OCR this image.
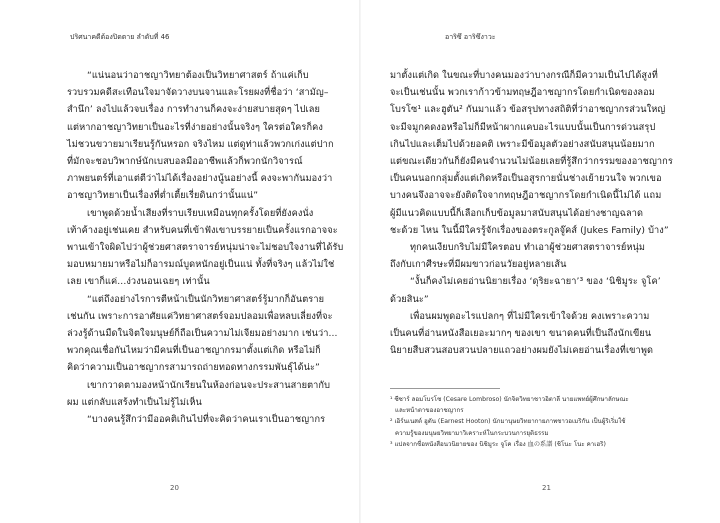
ปริศนาคดีต้องปิดตาย ลำดับที่ 46
“แน่นอนว่าอาชญาวิทยาต้องเป็นวิทยาศาสตร์ ถ้าแค่เก็บ
รวบรวมคดีสะเทือนใจมาจัดวางบนจานและโรยผงที่ชื่อว่า ‘สามัญ–
สำนึก’ ลงไปแล้วจบเรื่อง การทำงานก็คงจะง่ายสบายสุดๆ ไปเลย
แต่หากอาชญาวิทยาเป็นอะไรที่ง่ายอย่างนั้นจริงๆ ใครต่อใครก็คง
ไม่ชวนขวายมาเรียนรู้กันหรอก จริงไหม แต่ดูท่าแล้วพวกเก่งแต่ปาก
ที่มักจะชอบวิพากษ์นักเบสบอลมืออาชีพแล้วก็พวกนักวิจารณ์
ภาพยนตร์ที่เอาแต่ตีว่าไม่ได้เรื่องอย่างนู้นอย่างนี้ คงจะพากันมองว่า
อาชญาวิทยาเป็นเรื่องที่ต่ำเตี้ยเรี่ยดินกว่านั้นแน่”
เขาพูดด้วยน้ำเสียงที่ราบเรียบเหมือนทุกครั้งโดยที่ยังคงนั่ง
เท้าค้างอยู่เช่นเคย สำหรับคนที่เข้าฟังเขาบรรยายเป็นครั้งแรกอาจจะ
พานเข้าใจผิดไปว่าผู้ช่วยศาสตราจารย์หนุ่มน่าจะไม่ชอบใจงานที่ได้รับ
มอบหมายมาหรือไม่ก็อารมณ์บูดหนักอยู่เป็นแน่ ทั้งที่จริงๆ แล้วไม่ใช่
เลย เขาก็แค่...ง่วงนอนเฉยๆ เท่านั้น
“แต่ถึงอย่างไรการตีหน้าเป็นนักวิทยาศาสตร์รู้มากก็อันตราย
เช่นกัน เพราะการอาศัยแค่วิทยาศาสตร์จอมปลอมเพื่อหลบเลี่ยงที่จะ
ล่วงรู้ด้านมืดในจิตใจมนุษย์ก็ถือเป็นความไม่เจียมอย่างมาก เช่นว่า...
พวกคุณเชื่อกันไหมว่ามีคนที่เป็นอาชญากรมาตั้งแต่เกิด หรือไม่ก็
คิดว่าความเป็นอาชญากรสามารถถ่ายทอดทางกรรมพันธุ์ได้น่ะ”
เขากวาดตามองหน้านักเรียนในห้องก่อนจะประสานสายตากับ
ผม แต่กลับแสร้งทำเป็นไม่รู้ไม่เห็น
“บางคนรู้สึกว่ามีออคติเกินไปที่จะคิดว่าคนเราเป็นอาชญากร
20
อาริซึ อาริซึงาวะ
มาตั้งแต่เกิด ในขณะที่บางคนมองว่าบางกรณีก็มีความเป็นไปได้สูงที่
จะเป็นเช่นนั้น พวกเราก้าวข้ามทฤษฎีอาชญากรโดยกำเนิดของลอม
โบรโซ¹ และฮูตัน² กันมาแล้ว ข้อสรุปทางสถิติที่ว่าอาชญากรส่วนใหญ่
จะมีจมูกคดงอหรือไม่ก็มีหน้าผากแคบอะไรแบบนั้นเป็นการด่วนสรุป
เกินไปและเต็มไปด้วยอคติ เพราะมีข้อมูลตัวอย่างสนับสนุนน้อยมาก
แต่ขณะเดียวกันก็ยังมีคนจำนวนไม่น้อยเลยที่รู้สึกว่ากรรมของอาชญากร
เป็นคนนอกกลุ่มตั้งแต่เกิดหรือเป็นอสูรกายนั่นช่างเย้ายวนใจ พวกเขอ
บางคนจึงอาจจะยังติดใจจากทฤษฎีอาชญากรโดยกำเนิดนี้ไม่ได้ แถม
ผู้มีแนวคิดแบบนี้ก็เลือกเก็บข้อมูลมาสนับสนุนได้อย่างชาญฉลาด
ชะด้วย ไหน ในนี้มีใครรู้จักเรื่องของตระกูลจู๊คส์ (Jukes Family) บ้าง”
ทุกคนเงียบกริบไม่มีใครตอบ ทำเอาผู้ช่วยศาสตราจารย์หนุ่ม
ถึงกับเกาศีรษะที่มีผมขาวก่อนวัยอยู่หลายเส้น
“งั้นก็คงไม่เคยอ่านนิยายเรื่อง ‘ดุริยะฉายา’³ ของ ‘นิชิมูระ จูโค’
ด้วยสินะ”
เพื่อนผมพูดอะไรแปลกๆ ที่ไม่มีใครเข้าใจด้วย คงเพราะความ
เป็นคนที่อ่านหนังสือเยอะมากๆ ของเขา ขนาดคนที่เป็นถึงนักเขียน
นิยายสืบสวนสอบสวนปลายแถวอย่างผมยังไม่เคยอ่านเรื่องที่เขาพูด
¹ ซีซาร์ ลอมโบรโซ (Cesare Lombroso) นักจิตวิทยาชาวอิตาลี นายแพทย์ผู้ศึกษาลักษณะ
และหน้าตาของอาชญากร
² เอิร์นเนสต์ ฮูตัน (Earnest Hooton) นักมานุษยวิทยากายภาพชาวอเมริกัน เป็นผู้ริเริ่มใช้
ความรู้ของมนุษยวิทยามาวิเคราะห์ในกระบวนการยุติธรรม
³ แปลจากชื่อหนังสือนวนิยายของ นิชิมูระ จูโค เรื่อง 血の系譜 (ชิโนะ โนะ คาเฮริ)
21
